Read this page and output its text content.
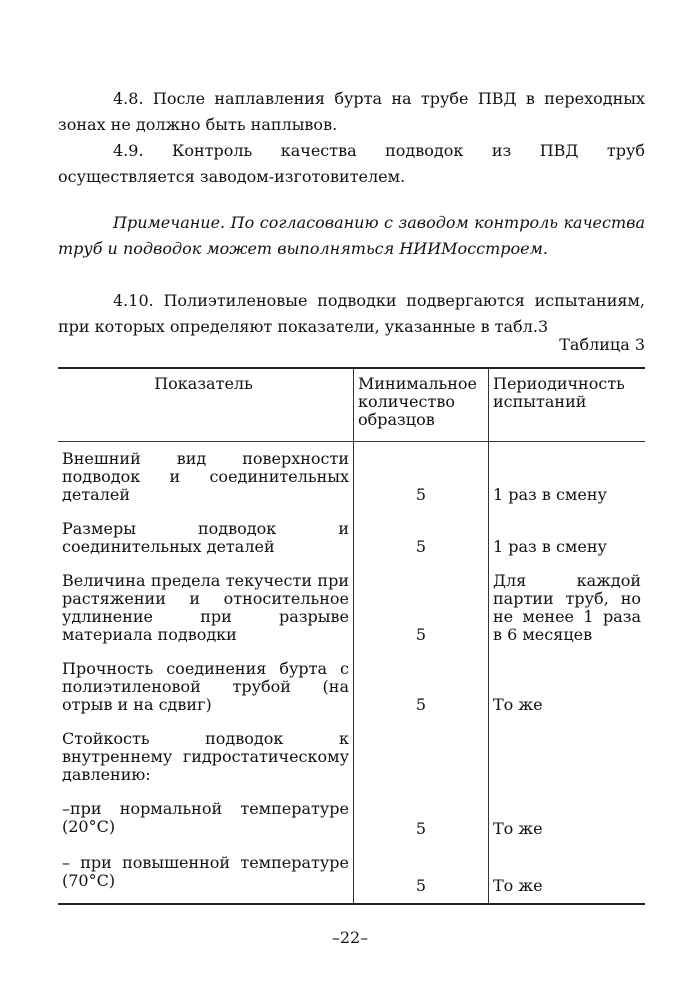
4.8. После наплавления бурта на трубе ПВД в переходных зонах не должно быть наплывов.
4.9. Контроль качества подводок из ПВД труб осуществляется заводом-изготовителем.
Примечание. По согласованию с заводом контроль качества труб и подводок может выполняться НИИМосстроем.
4.10. Полиэтиленовые подводки подвергаются испытаниям, при которых определяют показатели, указанные в табл.3
Таблица 3
Показатель	Минимальное количество образцов	Периодичность испытаний
Внешний вид поверхности подводок и соединительных деталей	5	1 раз в смену
Размеры подводок и соединительных деталей	5	1 раз в смену
Величина предела текучести при растяжении и относительное удлинение при разрыве материала подводки	5	Для каждой партии труб, но не менее 1 раза в 6 месяцев
Прочность соединения бурта с полиэтиленовой трубой (на отрыв и на сдвиг)	5	То же
Стойкость подводок к внутреннему гидростатическому давлению:		
–при нормальной температуре (20°С)	5	То же
– при повышенной температуре (70°С)	5	То же
–22–
